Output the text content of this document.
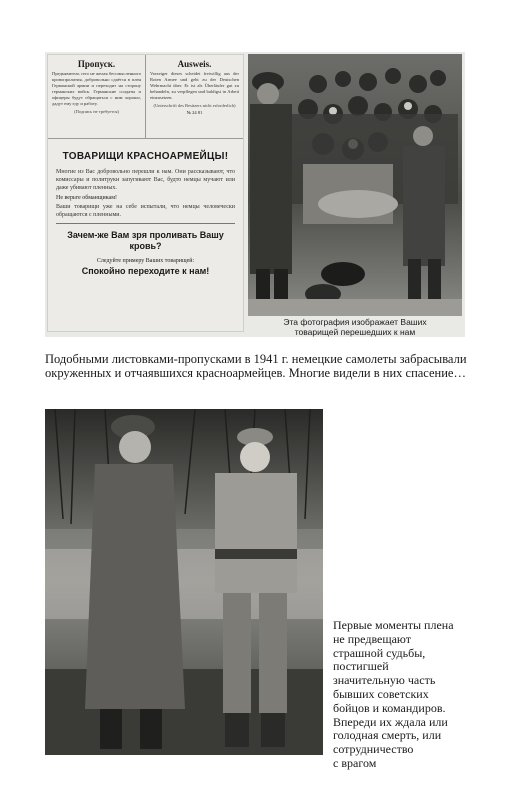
Пропуск.

Предъявитель сего не желая бессмысленного кровопролития, добровольно сдаётся в плен Германской армии и переходит на сторону германских войск. Германские солдаты и офицеры будут обращаться с ним хорошо, дадут ему еду и работу.

(Подпись не требуется)
Ausweis.

Vorzeiger dieses scheidet freiwillig aus der Roten Armee und geht zu der Deutschen Wehrmacht über. Er ist als Überläufer gut zu behandeln, zu verpflegen und baldigst in Arbeit einzusetzen.

(Unterschrift des Besitzers nicht erforderlich)
№ 24 81
ТОВАРИЩИ КРАСНОАРМЕЙЦЫ!

Многие из Вас добровольно перешли к нам. Они рассказывают, что комиссары и политруки запугивают Вас, будто немцы мучают или даже убивают пленных.

Не верьте обманщикам!

Ваши товарищи уже на себе испытали, что немцы человечески обращаются с пленными.

Зачем-же Вам зря проливать Вашу кровь?
Следуйте примеру Ваших товарищей:
Спокойно переходите к нам!
Эта фотография изображает Ваших
товарищей перешедших к нам

Подобными листовками-пропусками в 1941 г. немецкие самолеты забрасывали окруженных и отчаявшихся красноармейцев. Многие видели в них спасение…

Первые моменты плена
не предвещают
страшной судьбы,
постигшей
значительную часть
бывших советских
бойцов и командиров.
Впереди их ждала или
голодная смерть, или
сотрудничество
с врагом
